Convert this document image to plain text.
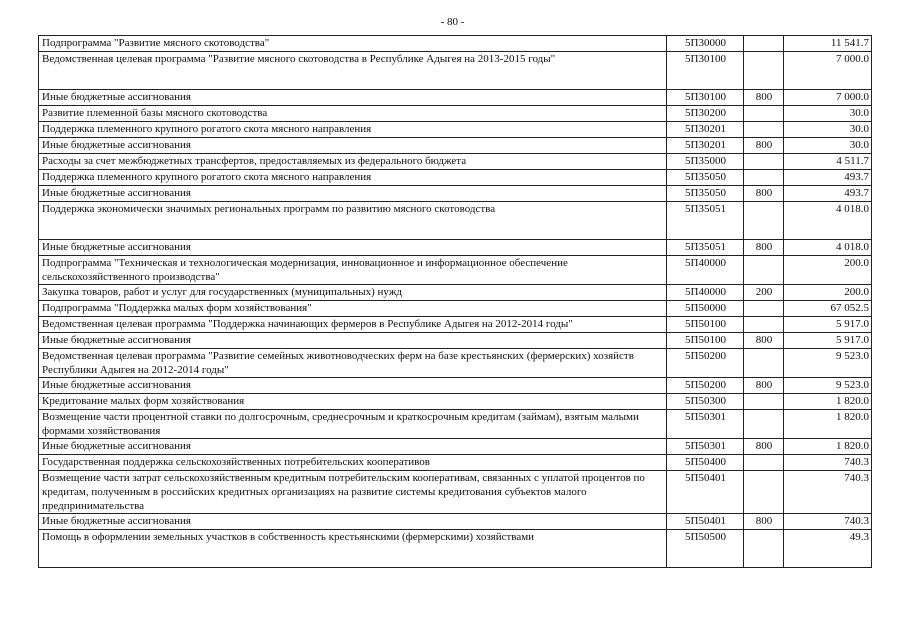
- 80 -
Подпрограмма "Развитие мясного скотоводства"	5П30000		11 541.7
Ведомственная целевая программа "Развитие мясного скотоводства в Республике Адыгея на 2013-2015 годы"	5П30100		7 000.0
Иные бюджетные ассигнования	5П30100	800	7 000.0
Развитие племенной базы мясного скотоводства	5П30200		30.0
Поддержка племенного крупного рогатого скота мясного направления	5П30201		30.0
Иные бюджетные ассигнования	5П30201	800	30.0
Расходы за счет межбюджетных трансфертов, предоставляемых из федерального бюджета	5П35000		4 511.7
Поддержка племенного крупного рогатого скота мясного направления	5П35050		493.7
Иные бюджетные ассигнования	5П35050	800	493.7
Поддержка экономически значимых региональных программ по развитию мясного скотоводства	5П35051		4 018.0
Иные бюджетные ассигнования	5П35051	800	4 018.0
Подпрограмма "Техническая и технологическая модернизация, инновационное и информационное обеспечение сельскохозяйственного производства"	5П40000		200.0
Закупка товаров, работ и услуг для государственных (муниципальных) нужд	5П40000	200	200.0
Подпрограмма "Поддержка малых форм хозяйствования"	5П50000		67 052.5
Ведомственная целевая программа "Поддержка начинающих фермеров в Республике Адыгея на 2012-2014 годы"	5П50100		5 917.0
Иные бюджетные ассигнования	5П50100	800	5 917.0
Ведомственная целевая программа "Развитие семейных животноводческих ферм на базе крестьянских (фермерских) хозяйств Республики Адыгея на 2012-2014 годы"	5П50200		9 523.0
Иные бюджетные ассигнования	5П50200	800	9 523.0
Кредитование малых форм хозяйствования	5П50300		1 820.0
Возмещение части процентной ставки по долгосрочным, среднесрочным и краткосрочным кредитам (займам), взятым малыми формами хозяйствования	5П50301		1 820.0
Иные бюджетные ассигнования	5П50301	800	1 820.0
Государственная поддержка сельскохозяйственных потребительских кооперативов	5П50400		740.3
Возмещение части затрат сельскохозяйственным кредитным потребительским кооперативам, связанных с уплатой процентов по кредитам, полученным в российских кредитных организациях на развитие системы кредитования субъектов малого предпринимательства	5П50401		740.3
Иные бюджетные ассигнования	5П50401	800	740.3
Помощь в оформлении земельных участков в собственность крестьянскими (фермерскими) хозяйствами	5П50500		49.3
